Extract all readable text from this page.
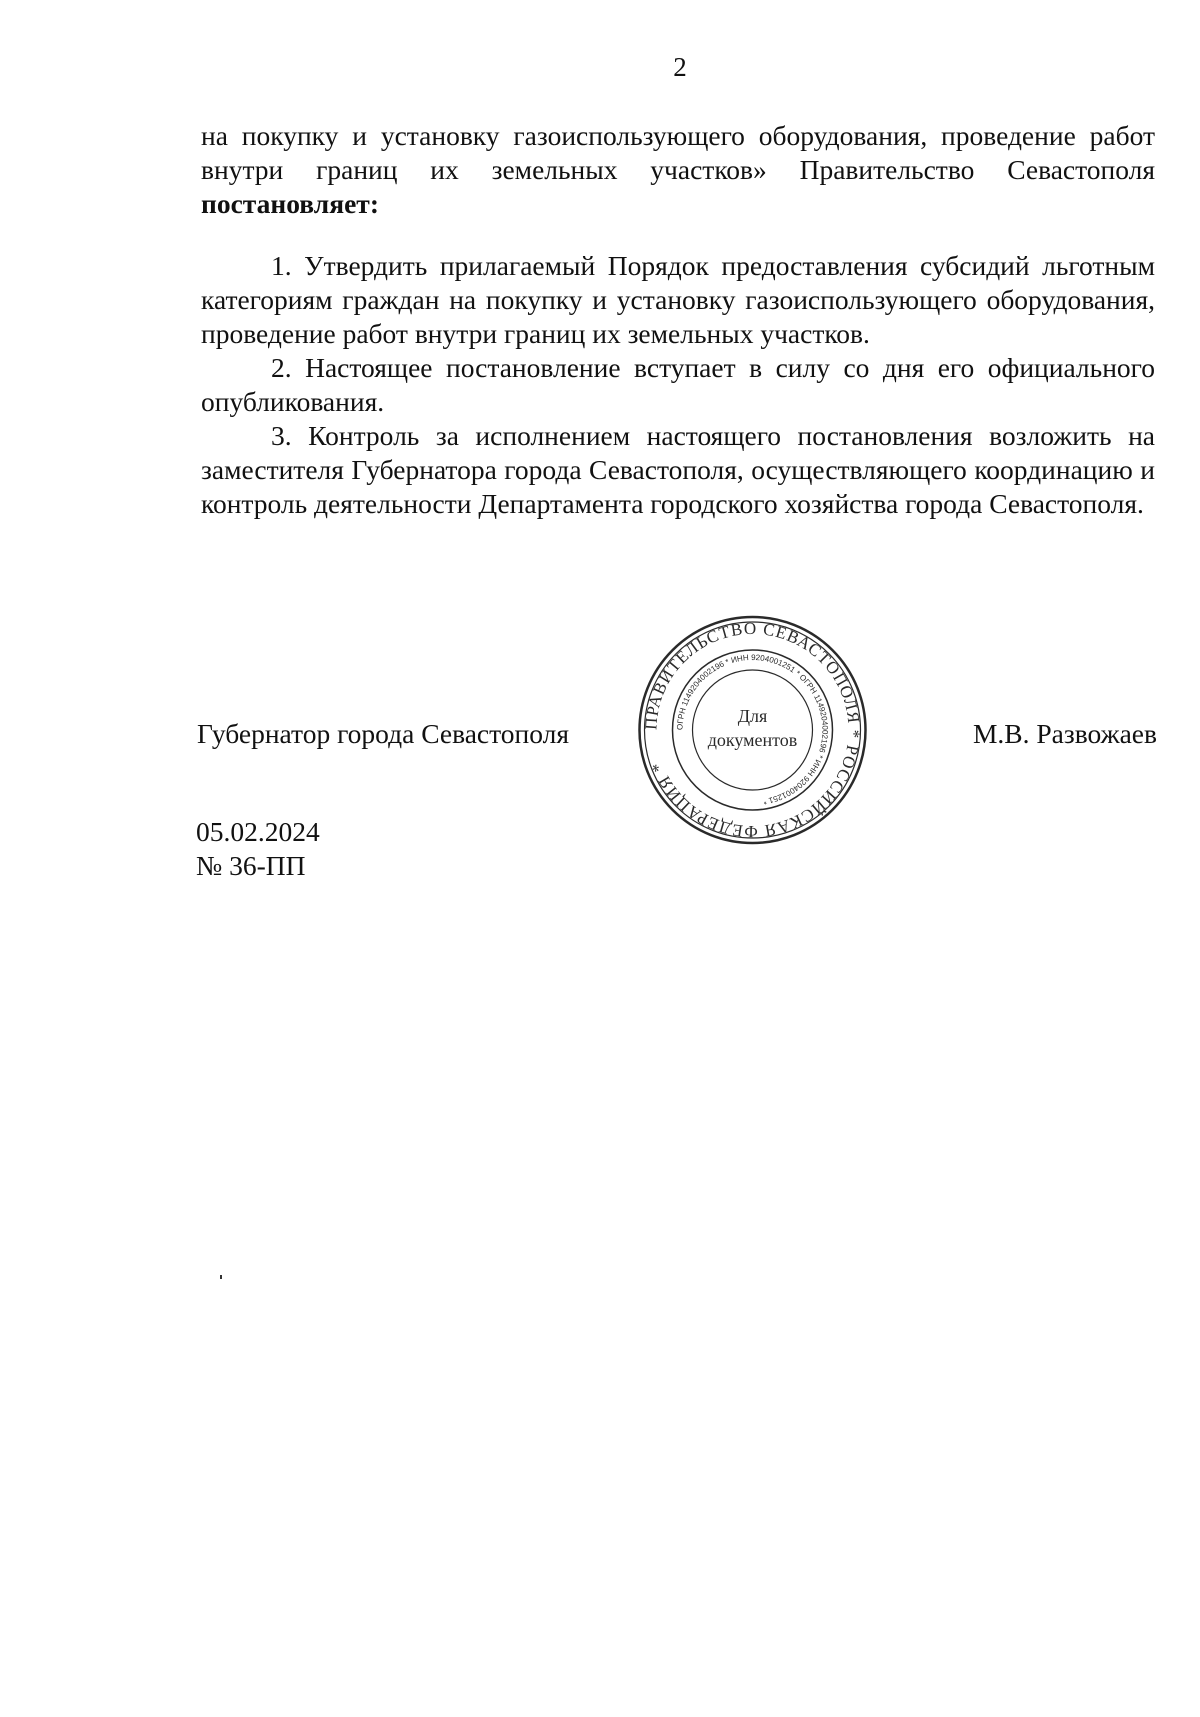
2

на покупку и установку газоиспользующего оборудования, проведение работ внутри границ их земельных участков» Правительство Севастополя постановляет:

1. Утвердить прилагаемый Порядок предоставления субсидий льготным категориям граждан на покупку и установку газоиспользующего оборудования, проведение работ внутри границ их земельных участков.

2. Настоящее постановление вступает в силу со дня его официального опубликования.

3. Контроль за исполнением настоящего постановления возложить на заместителя Губернатора города Севастополя, осуществляющего координацию и контроль деятельности Департамента городского хозяйства города Севастополя.

Губернатор города Севастополя	М.В. Развожаев
ПРАВИТЕЛЬСТВО СЕВАСТОПОЛЯ * РОССИЙСКАЯ ФЕДЕРАЦИЯ *
ОГРН 1149204002196 * ИНН 9204001251 * ОГРН 1149204002196 * ИНН 9204001251 *
Для
документов
05.02.2024
№ 36-ПП
